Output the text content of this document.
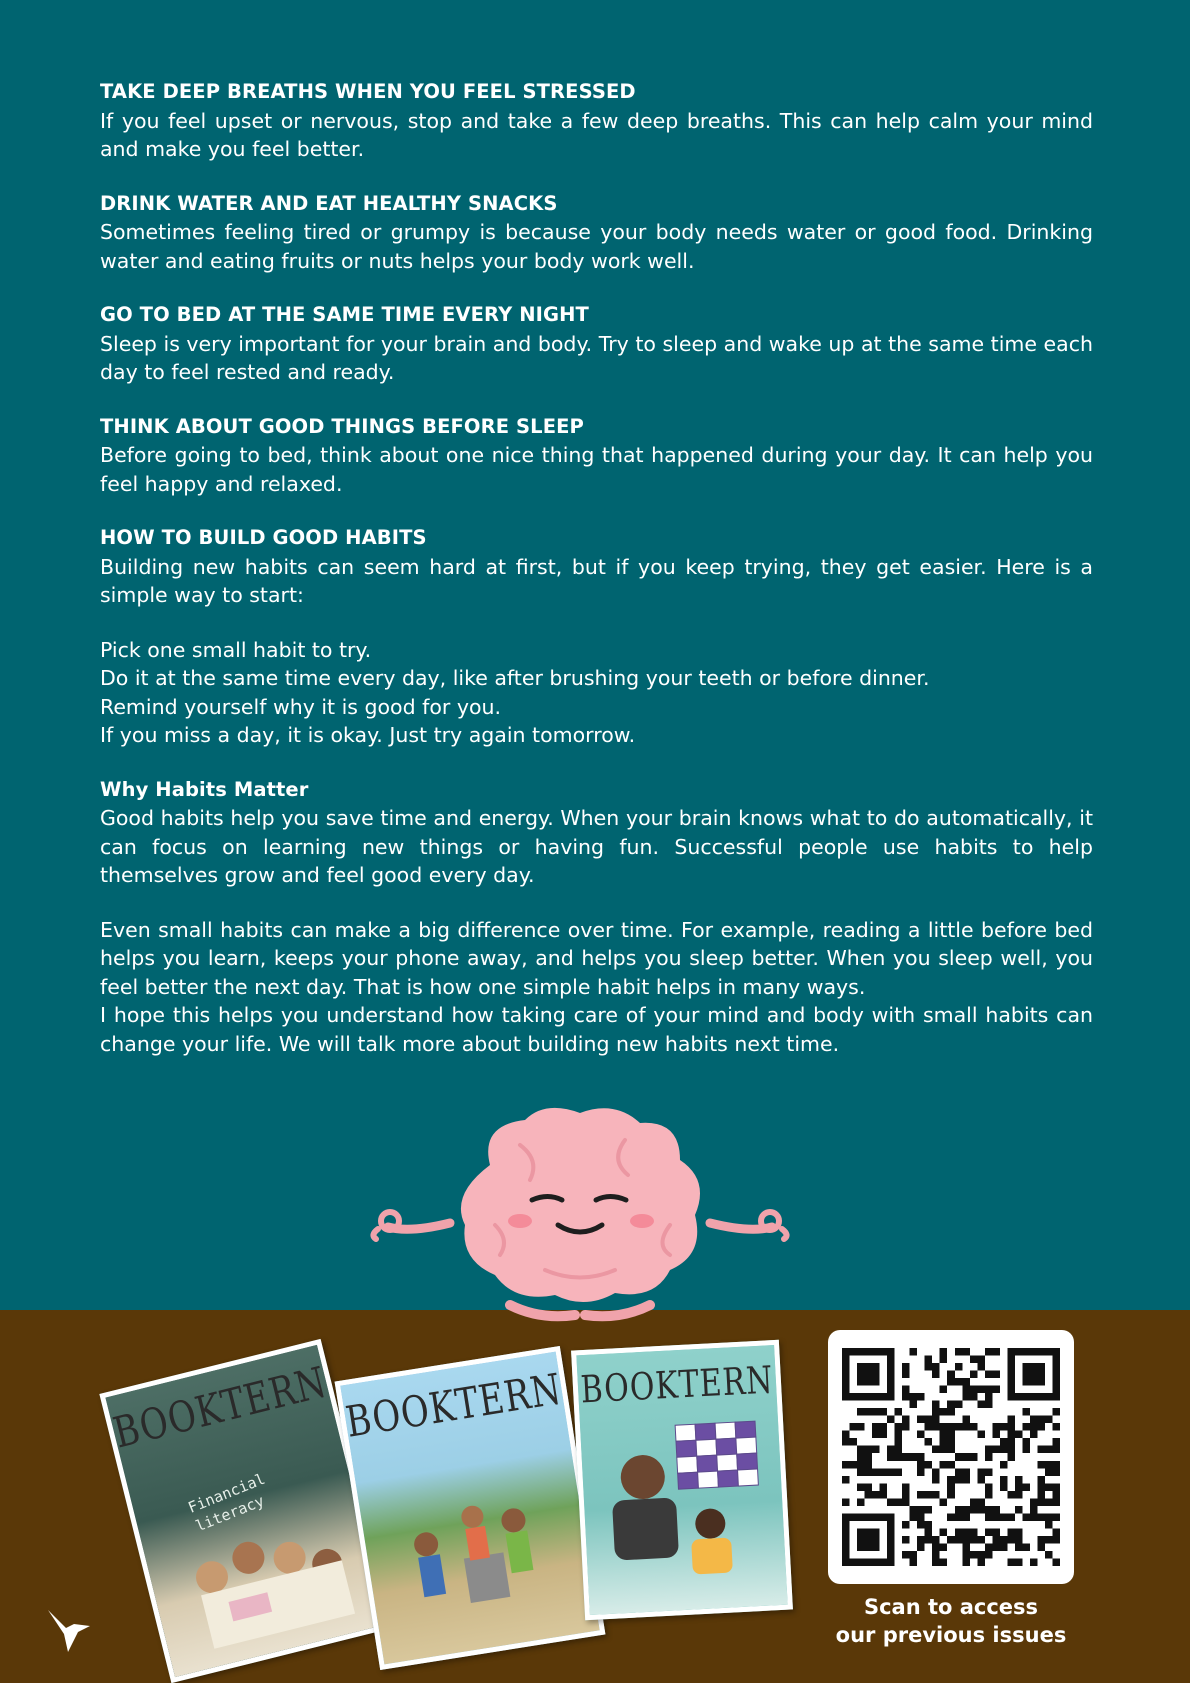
TAKE DEEP BREATHS WHEN YOU FEEL STRESSED
If you feel upset or nervous, stop and take a few deep breaths. This can help calm your mind and make you feel better.
DRINK WATER AND EAT HEALTHY SNACKS
Sometimes feeling tired or grumpy is because your body needs water or good food. Drinking water and eating fruits or nuts helps your body work well.
GO TO BED AT THE SAME TIME EVERY NIGHT
Sleep is very important for your brain and body. Try to sleep and wake up at the same time each day to feel rested and ready.
THINK ABOUT GOOD THINGS BEFORE SLEEP
Before going to bed, think about one nice thing that happened during your day. It can help you feel happy and relaxed.
HOW TO BUILD GOOD HABITS
Building new habits can seem hard at first, but if you keep trying, they get easier. Here is a simple way to start:
Pick one small habit to try.
Do it at the same time every day, like after brushing your teeth or before dinner.
Remind yourself why it is good for you.
If you miss a day, it is okay. Just try again tomorrow.
Why Habits Matter
Good habits help you save time and energy. When your brain knows what to do automatically, it can focus on learning new things or having fun. Successful people use habits to help themselves grow and feel good every day.
Even small habits can make a big difference over time. For example, reading a little before bed helps you learn, keeps your phone away, and helps you sleep better. When you sleep well, you feel better the next day. That is how one simple habit helps in many ways.
I hope this helps you understand how taking care of your mind and body with small habits can change your life. We will talk more about building new habits next time.
BOOKTERN
Financial literacy
BOOKTERN BOOKTERN
Scan to access
our previous issues
